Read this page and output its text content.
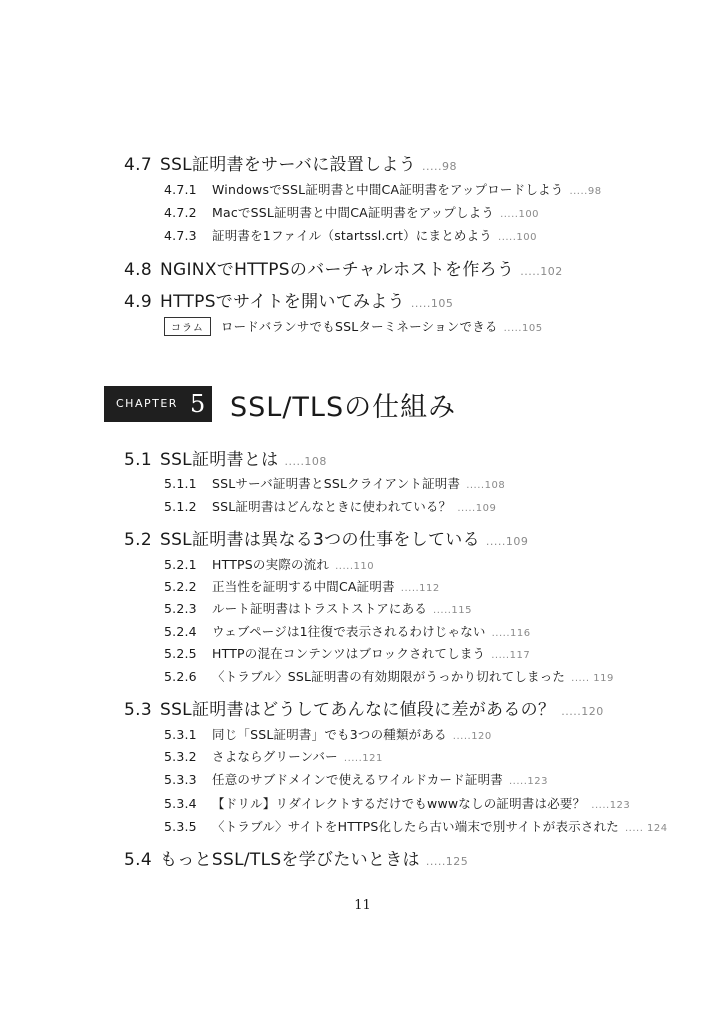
4.7 SSL証明書をサーバに設置しよう .....98
4.7.1 WindowsでSSL証明書と中間CA証明書をアップロードしよう .....98
4.7.2 MacでSSL証明書と中間CA証明書をアップしよう .....100
4.7.3 証明書を1ファイル（startssl.crt）にまとめよう .....100
4.8 NGINXでHTTPSのバーチャルホストを作ろう .....102
4.9 HTTPSでサイトを開いてみよう .....105
コラム ロードバランサでもSSLターミネーションできる .....105
CHAPTER 5 SSL/TLSの仕組み
5.1 SSL証明書とは .....108
5.1.1 SSLサーバ証明書とSSLクライアント証明書 .....108
5.1.2 SSL証明書はどんなときに使われている？ .....109
5.2 SSL証明書は異なる3つの仕事をしている .....109
5.2.1 HTTPSの実際の流れ .....110
5.2.2 正当性を証明する中間CA証明書 .....112
5.2.3 ルート証明書はトラストストアにある .....115
5.2.4 ウェブページは1往復で表示されるわけじゃない .....116
5.2.5 HTTPの混在コンテンツはブロックされてしまう .....117
5.2.6 〈トラブル〉SSL証明書の有効期限がうっかり切れてしまった ..... 119
5.3 SSL証明書はどうしてあんなに値段に差があるの？ .....120
5.3.1 同じ「SSL証明書」でも3つの種類がある .....120
5.3.2 さよならグリーンバー .....121
5.3.3 任意のサブドメインで使えるワイルドカード証明書 .....123
5.3.4 【ドリル】リダイレクトするだけでもwwwなしの証明書は必要？ .....123
5.3.5 〈トラブル〉サイトをHTTPS化したら古い端末で別サイトが表示された ..... 124
5.4 もっとSSL/TLSを学びたいときは .....125
11
